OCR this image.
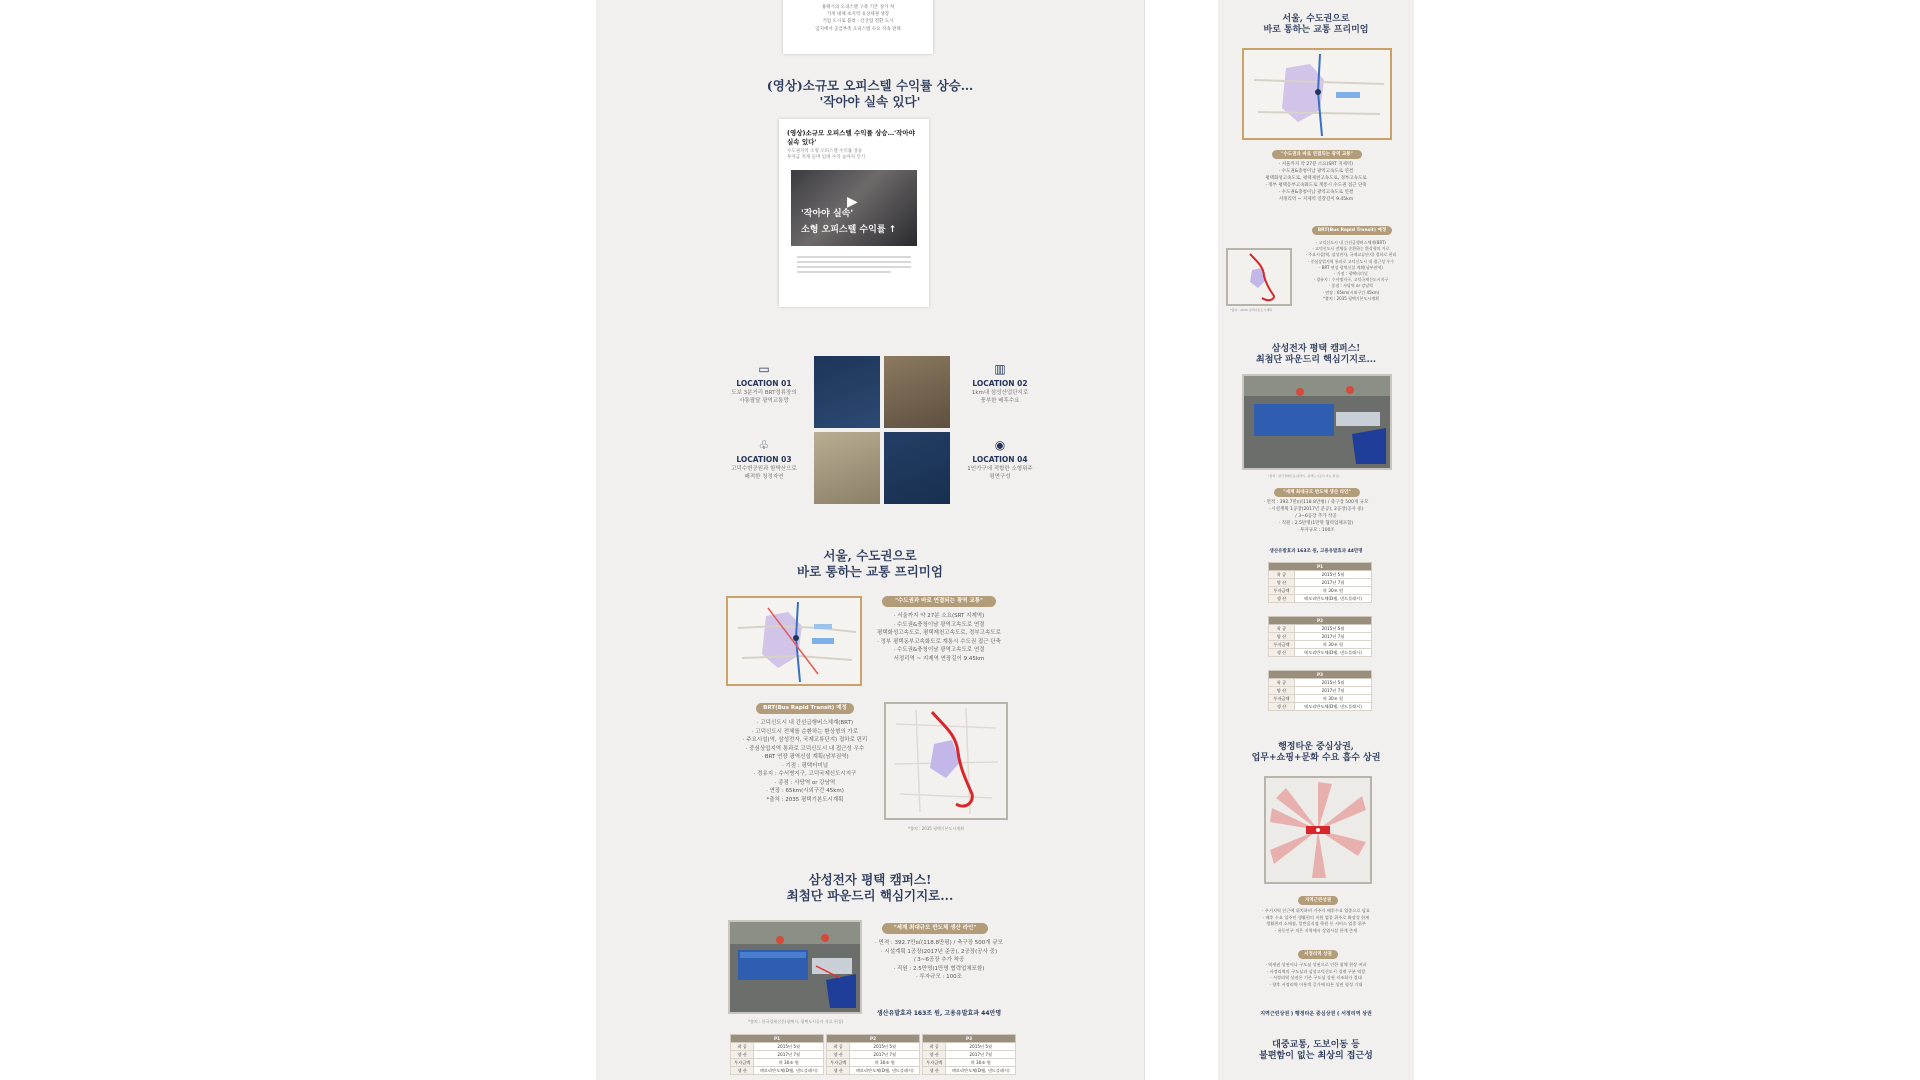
용택시의 오피스텔 구축 기존 상가 처
가치 대체 초지역 유상세권 성장
기업 도시로 불려 - 신산업 전환 도시
입지에서 공급부족 오피스텔 수요 직속 전략
(영상)소규모 오피스텔 수익률 상승…
'작아야 실속 있다'
(영상)소규모 오피스텔 수익률 상승…'작아야 실속 있다'
수도권지역 소형 오피스텔 수익률 상승
투자금 적게 들며 임대 수익 높아져 인기
▶
'작아야 실속'
소형 오피스텔 수익률 ↑
▭
LOCATION 01
도보 3분거리 BRT정류장의
사통팔달 광역교통망
▥
LOCATION 02
1km내 삼성산업단지로
풍부한 배후수요
♧
LOCATION 03
고덕수변공원과 함박산으로
쾌적한 청정자연
◉
LOCATION 04
1인가구에 적합한 소형위주
평면구성
서울, 수도권으로
바로 통하는 교통 프리미엄
"수도권과 바로 연결되는 광역 교통"
· 서울까지 약 27분 소요(SRT 지제역)
· 수도권&충청이남 광역고속도로 연결
평택화성고속도로, 평택제천고속도로, 경부고속도로
· 정부 평택동부고속화도로 계통시 수도권 접근 단축
· 수도권&충청이남 광역고속도로 연결
서정리역 ~ 지제역 연장길이 9.45km
BRT(Bus Rapid Transit) 예정
· 고덕신도시 내 간선급행버스체계(BRT)
· 고덕신도시 전체를 순환하는 환상형의 가로
· 주요시설(역, 삼성전자, 국제교류단지) 접하로 편리
· 중심상업지역 통과로 고덕신도시 내 접근성 우수
· BRT 연장 광역신설 계획(남부권역)
· 기점 : 평택터미널
· 경유지 : 수서병지구, 고덕국제신도시지구
· 종점 : 사당역 or 강남역
· 연장 : 65km(시외구간 45km)
*출처 : 2035 평택기본도시계획
*출처 : 2035 평택기본도시계획
삼성전자 평택 캠퍼스!
최첨단 파운드리 핵심기지로...
*출처 : 한국경제신문(평택시, 평택도시공사 자료 편집)
"세계 최대규모 반도체 생산 라인"
· 면적 : 392.7만㎡(118.8만평) / 축구장 500개 규모
· 시설계획 1공장(2017년 준공), 2공장(공사 중)
/ 3~6공장 추가 착공
· 직원 : 2.5만명(1만명 협력업체포함)
· 투자규모 : 100조
생산유발효과 163조 원, 고용유발효과 44만명
P1	
착 공	2015년 5월
양 산	2017년 7월
투자금액	약 30조 원
생 산	메모리반도체(D램, 낸드플래시)
P2	
착 공	2015년 5월
양 산	2017년 7월
투자금액	약 30조 원
생 산	메모리반도체(D램, 낸드플래시)
P3	
착 공	2015년 5월
양 산	2017년 7월
투자금액	약 30조 원
생 산	메모리반도체(D램, 낸드플래시)
서울, 수도권으로
바로 통하는 교통 프리미엄
"수도권과 바로 연결되는 광역 교통"
· 서울까지 약 27분 소요(SRT 지제역)
· 수도권&충청이남 광역고속도로 연결
평택화성고속도로, 평택제천고속도로, 경부고속도로
· 정부 평택동부고속화도로 계통시 수도권 접근 단축
· 수도권&충청이남 광역고속도로 연결
서정리역 ~ 지제역 연장길이 9.45km
BRT(Bus Rapid Transit) 예정
*출처 : 2035 평택기본도시계획
· 고덕신도시 내 간선급행버스체계(BRT)
· 고덕신도시 전체를 순환하는 환상형의 가로
· 주요시설(역, 삼성전자, 국제교류단지) 접하로 편리
· 중심상업지역 통과로 고덕신도시 내 접근성 우수
· BRT 연장 광역신설 계획(남부권역)
· 기점 : 평택터미널
· 경유지 : 수서병지구, 고덕국제신도시지구
· 종점 : 사당역 or 강남역
· 연장 : 65km(시외구간 45km)
*출처 : 2035 평택기본도시계획
삼성전자 평택 캠퍼스!
최첨단 파운드리 핵심기지로...
*출처 : 한국경제신문(평택시, 평택도시공사 자료 편집)
"세계 최대규모 반도체 생산 라인"
· 면적 : 392.7만㎡(118.8만평) / 축구장 500개 규모
· 시설계획 1공장(2017년 준공), 2공장(공사 중)
/ 3~6공장 추가 착공
· 직원 : 2.5만명(1만명 협력업체포함)
· 투자규모 : 100조
생산유발효과 163조 원, 고용유발효과 44만명
P1	
착 공	2015년 5월
양 산	2017년 7월
투자금액	약 30조 원
생 산	메모리반도체(D램, 낸드플래시)
P2	
착 공	2015년 5월
양 산	2017년 7월
투자금액	약 30조 원
생 산	메모리반도체(D램, 낸드플래시)
P3	
착 공	2015년 5월
양 산	2017년 7월
투자금액	약 30조 원
생 산	메모리반도체(D램, 낸드플래시)
행정타운 중심상권,
업무+쇼핑+문화 수요 흡수 상권
지역근린상권
· 주거지역 인근에 위치하며 거주자 배후수요 업종으로 필요
· 배후 수요 입주민 생활편의 지원 업종 위주로 확장성 한계
생활편의 소매점, 일반음식점 학원 등 서비스 업종 위주
· 유동인구 적은 지역에서 상업시설 한계 존재
서정리역 상권
· 역세권 상권이나 구도심 상권으로 인한 침체 현상 여파
· 서정리역의 구도심과 삼성고덕신도시 경계 구분 역할
· 서정리역 상권은 기존 구도심 상권 지조화가 절대
· 향후 서정리역 이용객 증가에 따른 상권 형성 기대
지역근린상권 ) 행정타운 중심상권 ( 서정리역 상권
대중교통, 도보이동 등
불편함이 없는 최상의 접근성
